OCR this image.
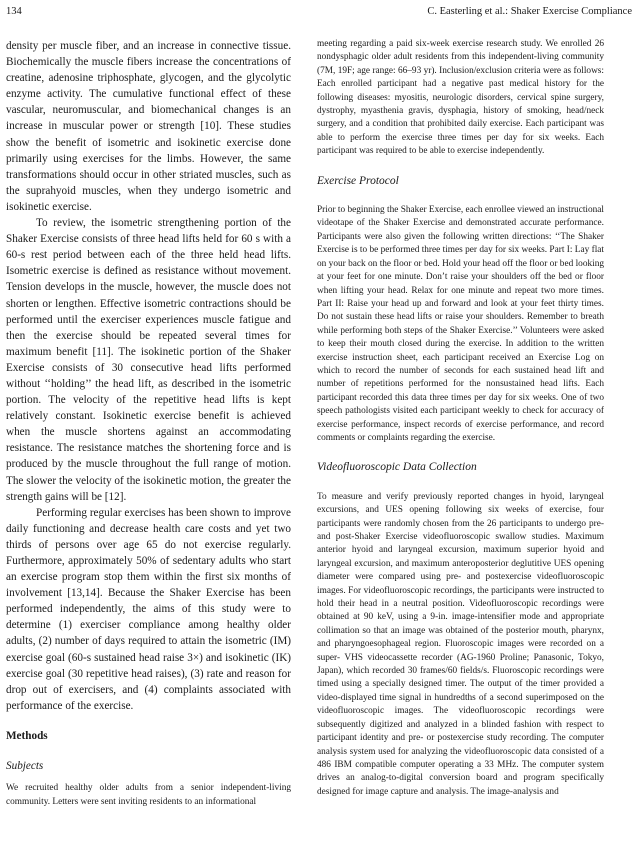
134	C. Easterling et al.: Shaker Exercise Compliance

density per muscle fiber, and an increase in connective tissue. Biochemically the muscle fibers increase the concentrations of creatine, adenosine triphosphate, glycogen, and the glycolytic enzyme activity. The cumulative functional effect of these vascular, neuromuscular, and biomechanical changes is an increase in muscular power or strength [10]. These studies show the benefit of isometric and isokinetic exercise done primarily using exercises for the limbs. However, the same transformations should occur in other striated muscles, such as the suprahyoid muscles, when they undergo isometric and isokinetic exercise.

To review, the isometric strengthening portion of the Shaker Exercise consists of three head lifts held for 60 s with a 60-s rest period between each of the three held head lifts. Isometric exercise is defined as resistance without movement. Tension develops in the muscle, however, the muscle does not shorten or lengthen. Effective isometric contractions should be performed until the exerciser experiences muscle fatigue and then the exercise should be repeated several times for maximum benefit [11]. The isokinetic portion of the Shaker Exercise consists of 30 consecutive head lifts performed without ‘‘holding’’ the head lift, as described in the isometric portion. The velocity of the repetitive head lifts is kept relatively constant. Isokinetic exercise benefit is achieved when the muscle shortens against an accommodating resistance. The resistance matches the shortening force and is produced by the muscle throughout the full range of motion. The slower the velocity of the isokinetic motion, the greater the strength gains will be [12].

Performing regular exercises has been shown to improve daily functioning and decrease health care costs and yet two thirds of persons over age 65 do not exercise regularly. Furthermore, approximately 50% of sedentary adults who start an exercise program stop them within the first six months of involvement [13,14]. Because the Shaker Exercise has been performed independently, the aims of this study were to determine (1) exerciser compliance among healthy older adults, (2) number of days required to attain the isometric (IM) exercise goal (60-s sustained head raise 3×) and isokinetic (IK) exercise goal (30 repetitive head raises), (3) rate and reason for drop out of exercisers, and (4) complaints associated with performance of the exercise.

Methods

Subjects

We recruited healthy older adults from a senior independent-living community. Letters were sent inviting residents to an informational

meeting regarding a paid six-week exercise research study. We enrolled 26 nondysphagic older adult residents from this independent-living community (7M, 19F; age range: 66–93 yr). Inclusion/exclusion criteria were as follows: Each enrolled participant had a negative past medical history for the following diseases: myositis, neurologic disorders, cervical spine surgery, dystrophy, myasthenia gravis, dysphagia, history of smoking, head/neck surgery, and a condition that prohibited daily exercise. Each participant was able to perform the exercise three times per day for six weeks. Each participant was required to be able to exercise independently.

Exercise Protocol

Prior to beginning the Shaker Exercise, each enrollee viewed an instructional videotape of the Shaker Exercise and demonstrated accurate performance. Participants were also given the following written directions: ‘‘The Shaker Exercise is to be performed three times per day for six weeks. Part I: Lay flat on your back on the floor or bed. Hold your head off the floor or bed looking at your feet for one minute. Don’t raise your shoulders off the bed or floor when lifting your head. Relax for one minute and repeat two more times. Part II: Raise your head up and forward and look at your feet thirty times. Do not sustain these head lifts or raise your shoulders. Remember to breath while performing both steps of the Shaker Exercise.’’ Volunteers were asked to keep their mouth closed during the exercise. In addition to the written exercise instruction sheet, each participant received an Exercise Log on which to record the number of seconds for each sustained head lift and number of repetitions performed for the nonsustained head lifts. Each participant recorded this data three times per day for six weeks. One of two speech pathologists visited each participant weekly to check for accuracy of exercise performance, inspect records of exercise performance, and record comments or complaints regarding the exercise.

Videofluoroscopic Data Collection

To measure and verify previously reported changes in hyoid, laryngeal excursions, and UES opening following six weeks of exercise, four participants were randomly chosen from the 26 participants to undergo pre- and post-Shaker Exercise videofluoroscopic swallow studies. Maximum anterior hyoid and laryngeal excursion, maximum superior hyoid and laryngeal excursion, and maximum anteroposterior deglutitive UES opening diameter were compared using pre- and postexercise videofluoroscopic images. For videofluoroscopic recordings, the participants were instructed to hold their head in a neutral position. Videofluoroscopic recordings were obtained at 90 keV, using a 9-in. image-intensifier mode and appropriate collimation so that an image was obtained of the posterior mouth, pharynx, and pharyngoesophageal region. Fluoroscopic images were recorded on a super- VHS videocassette recorder (AG-1960 Proline; Panasonic, Tokyo, Japan), which recorded 30 frames/60 fields/s. Fluoroscopic recordings were timed using a specially designed timer. The output of the timer provided a video-displayed time signal in hundredths of a second superimposed on the videofluoroscopic images. The videofluoroscopic recordings were subsequently digitized and analyzed in a blinded fashion with respect to participant identity and pre- or postexercise study recording. The computer analysis system used for analyzing the videofluoroscopic data consisted of a 486 IBM compatible computer operating a 33 MHz. The computer system drives an analog-to-digital conversion board and program specifically designed for image capture and analysis. The image-analysis and
